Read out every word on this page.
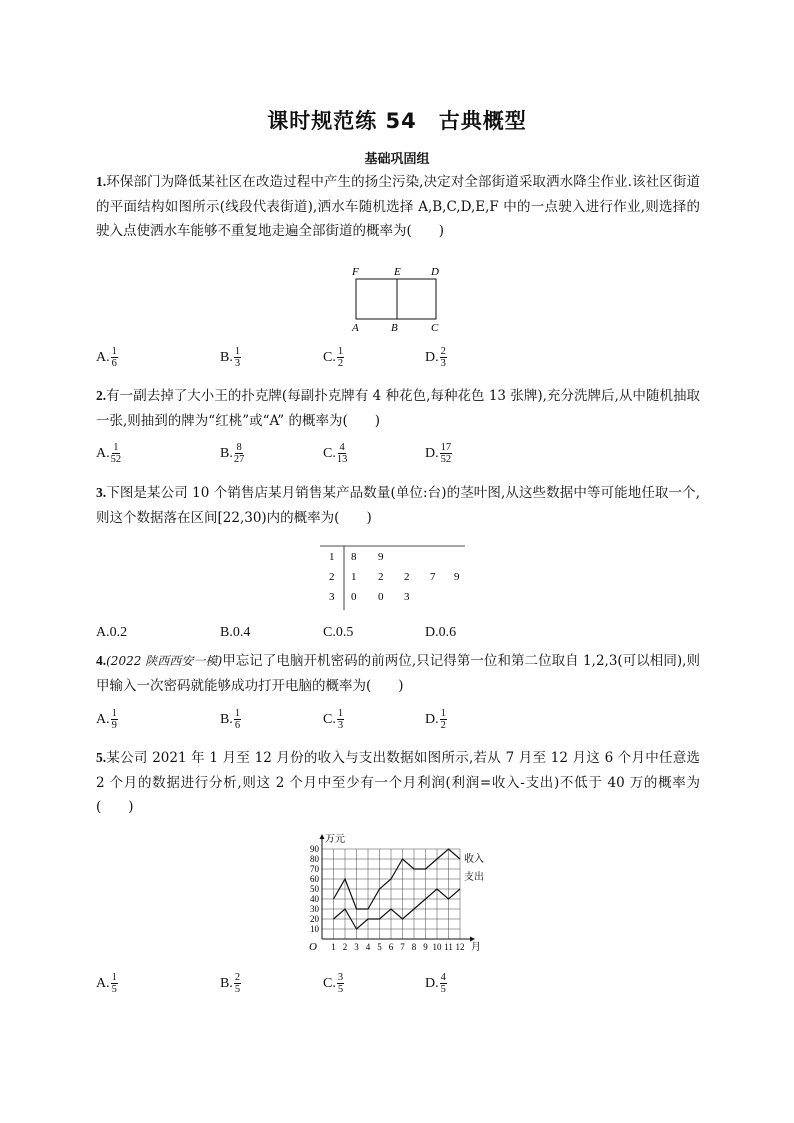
课时规范练 54　古典概型
基础巩固组
1.环保部门为降低某社区在改造过程中产生的扬尘污染,决定对全部街道采取洒水降尘作业.该社区街道的平面结构如图所示(线段代表街道),洒水车随机选择 A,B,C,D,E,F 中的一点驶入进行作业,则选择的驶入点使洒水车能够不重复地走遍全部街道的概率为(　　)
F	E	D
A	B	C
A. $\frac{1}{6}$	B. $\frac{1}{3}$	C. $\frac{1}{2}$	D. $\frac{2}{3}$
2.有一副去掉了大小王的扑克牌(每副扑克牌有 4 种花色,每种花色 13 张牌),充分洗牌后,从中随机抽取一张,则抽到的牌为“红桃”或“A” 的概率为(　　)
A. $\frac{1}{52}$	B. $\frac{8}{27}$	C. $\frac{4}{13}$	D. $\frac{17}{52}$
3.下图是某公司 10 个销售店某月销售某产品数量(单位:台)的茎叶图,从这些数据中等可能地任取一个,则这个数据落在区间[22,30)内的概率为(　　)
1 8 9
2 1 2 2 7 9
3 0 0 3
A. 0.2	B. 0.4	C. 0.5	D. 0.6
4.(2022 陕西西安一模)甲忘记了电脑开机密码的前两位,只记得第一位和第二位取自 1,2,3(可以相同),则甲输入一次密码就能够成功打开电脑的概率为(　　)
A. $\frac{1}{9}$	B. $\frac{1}{6}$	C. $\frac{1}{3}$	D. $\frac{1}{2}$
5.某公司 2021 年 1 月至 12 月份的收入与支出数据如图所示,若从 7 月至 12 月这 6 个月中任意选 2 个月的数据进行分析,则这 2 个月中至少有一个月利润(利润=收入-支出)不低于 40 万的概率为(　　)
10
20
30
40
50
60
70
80
90
1 2 3 4 5 6 7 8 9 10 11 12
万元
月
O
收入
支出
A. $\frac{1}{5}$	B. $\frac{2}{5}$	C. $\frac{3}{5}$	D. $\frac{4}{5}$
